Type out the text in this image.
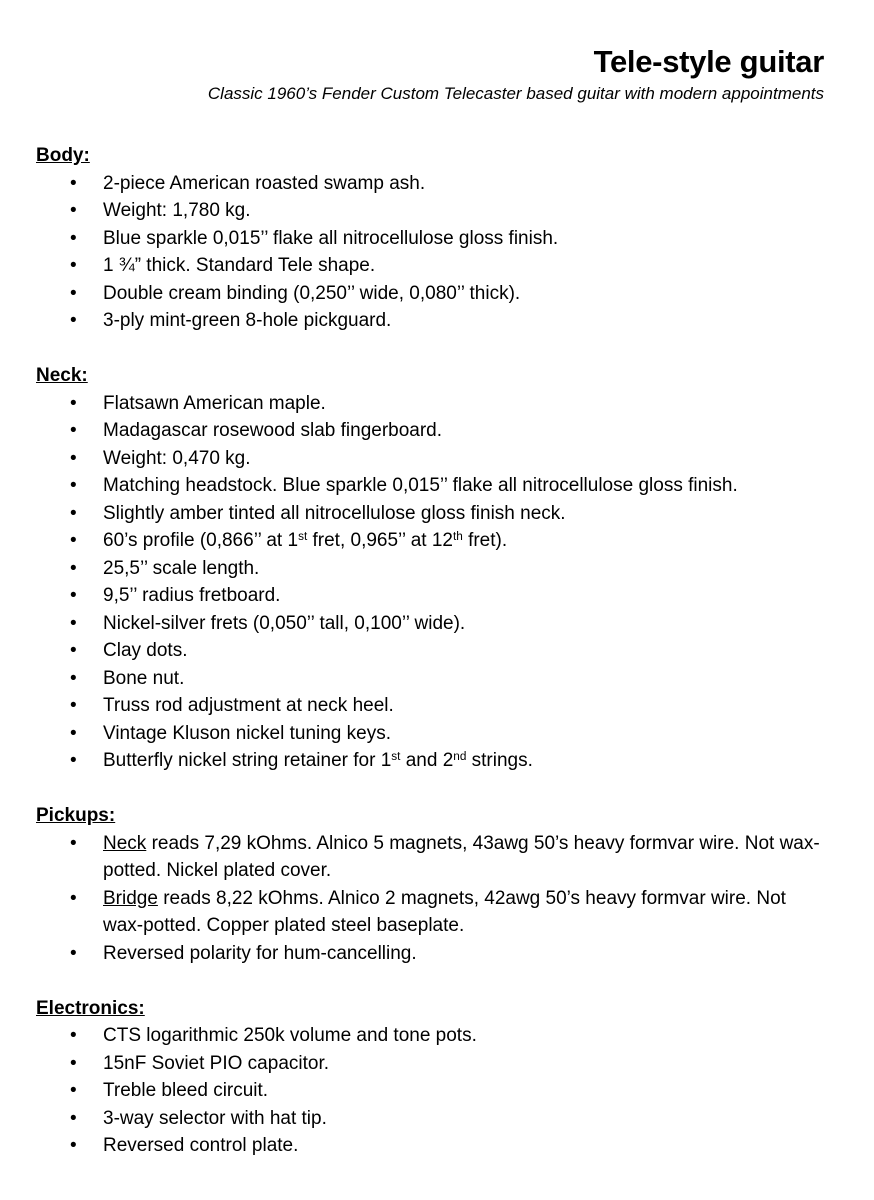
Tele-style guitar

Classic 1960’s Fender Custom Telecaster based guitar with modern appointments

Body:
• 2-piece American roasted swamp ash.
• Weight: 1,780 kg.
• Blue sparkle 0,015’’ flake all nitrocellulose gloss finish.
• 1 ¾” thick. Standard Tele shape.
• Double cream binding (0,250’’ wide, 0,080’’ thick).
• 3-ply mint-green 8-hole pickguard.
Neck:
• Flatsawn American maple.
• Madagascar rosewood slab fingerboard.
• Weight: 0,470 kg.
• Matching headstock. Blue sparkle 0,015’’ flake all nitrocellulose gloss finish.
• Slightly amber tinted all nitrocellulose gloss finish neck.
• 60’s profile (0,866’’ at 1st fret, 0,965’’ at 12th fret).
• 25,5’’ scale length.
• 9,5’’ radius fretboard.
• Nickel-silver frets (0,050’’ tall, 0,100’’ wide).
• Clay dots.
• Bone nut.
• Truss rod adjustment at neck heel.
• Vintage Kluson nickel tuning keys.
• Butterfly nickel string retainer for 1st and 2nd strings.
Pickups:
• Neck reads 7,29 kOhms. Alnico 5 magnets, 43awg 50’s heavy formvar wire. Not wax-potted. Nickel plated cover.
• Bridge reads 8,22 kOhms. Alnico 2 magnets, 42awg 50’s heavy formvar wire. Not wax-potted. Copper plated steel baseplate.
• Reversed polarity for hum-cancelling.
Electronics:
• CTS logarithmic 250k volume and tone pots.
• 15nF Soviet PIO capacitor.
• Treble bleed circuit.
• 3-way selector with hat tip.
• Reversed control plate.
